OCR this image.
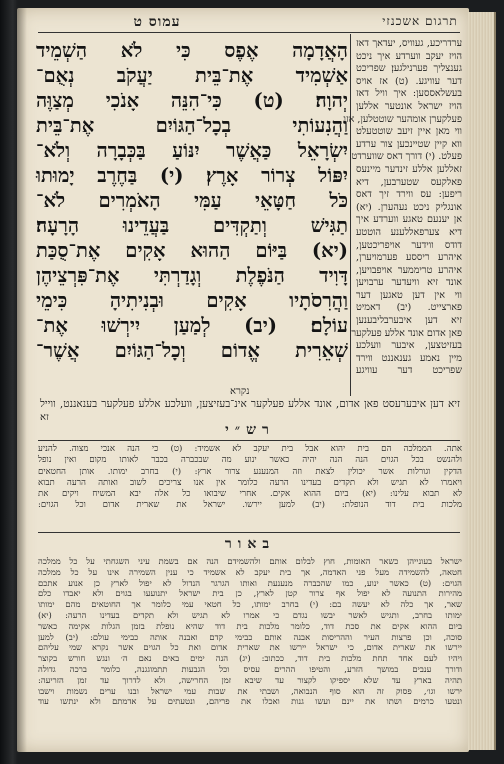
עמוס ט	תרגום אשכנזי
הָאֲדָמָה אֶפֶס כִּי לֹא הַשְׁמֵיד
אַשְׁמִיד אֶת־בֵּית יַעֲקֹב נְאֻם־
יְהוָה׃ (ט) כִּי־הִנֵּה אָנֹכִי מְצַוֶּה
וַהֲנִעוֹתִי בְכָל־הַגּוֹיִם אֶת־בֵּית
יִשְׂרָאֵל כַּאֲשֶׁר יִנּוֹעַ בַּכְּבָרָה וְלֹא־
יִפּוֹל צְרוֹר אָרֶץ׃ (י) בַּחֶרֶב יָמוּתוּ
כֹּל חַטָּאֵי עַמִּי הָאֹמְרִים לֹא־
תַגִּישׁ וְתַקְדִּים בַּעֲדֵינוּ הָרָעָה׃
(יא) בַּיּוֹם הַהוּא אָקִים אֶת־סֻכַּת
דָּוִיד הַנֹּפֶלֶת וְגָדַרְתִּי אֶת־פִּרְצֵיהֶן
וַהֲרִסֹתָיו אָקִים וּבְנִיתִיהָ כִּימֵי
עוֹלָם׃ (יב) לְמַעַן יִירְשׁוּ אֶת־
שְׁאֵרִית אֱדוֹם וְכָל־הַגּוֹיִם אֲשֶׁר־
נקרא
ערדריכע, געוויס, יעדאך דאז
הויז יעקב ווערדע איך ניכט
גענצליך פערנילגען׃ שפריכט
דער עוויגע. (ט) אז אויס
בעשלאססען: איך וויל דאז
הויז ישראל אונטער אללען
פעלקערן אומהער שוטטלען, אזו
ווי מאן איין זיעב שוטטעלט
ווא קיין שטיינכען צור ערדע
פעלט. (י) דורך דאס שווערדט
זאללען אללע זינדער מיינעס
פאלקעס שטערבען, דיא
ריפען: עס ווירד זיך דאס
אונגליק ניכט נעהערן. (יא)
אן יענעם טאגע ווערדע איך
דיא צערפאללענע הוטטע
דודס ווידער אויפריכטען,
איהרע ריססע פערמויערן,
איהרע טריממער אויפבויען,
אונד זיא וויעדער ערבויען
ווי אין דען טאגען דער
פארצייט. (יב) דאמיט
זיא דען איבערבליבענען
פאן אדום אונד אללע פעלקער
בעזיטצען, איבער וועלכע
מיין נאמע גענאננט ווירד
שפריכט דער עוויגע
זיא דען איבערעסט פאן אדום, אונד אללע פעלקער אינ־בעזיצען, וועלכע אללע פעלקער בענאננט, ווייל
זא
רש״י
אתה. הממלכה הם בית יהוא אבל בית יעקב לא אשמיד: (ט) כי הנה אנכי מצוה. להניע
ולהנשט בכל הגוים הנה הנה יהיה כאשר ינוע מה שבכברה בכבר לאותו מקום ואין נופל
הדקין וגורלות אשר יכולין לצאת וזה המנענע צרור ארץ: (י) בחרב ימותו. אותן החטאים
ויאמרו לא תגיש ולא תקדים בעדינו הרעה כלומר אין אנו צריכים לשוב ואותה הרעה תבוא
לא תבוא עלינו: (יא) ביום ההוא אקים. אחרי שיבואו כל אלה יבא המשיח ויקים את
מלכות בית דוד הנופלת: (יב) למען יירשו. ישראל את שארית אדום וכל הגוים:
באור
ישראל בעונייהן כשאר האומות, חוץ לבלום אותם ולהשמידם הנה אם בשמת עיני השגחתי על כל ממלכה
חטאה, להשמידה מעל פני האדמה, אך בית יעקב לא אשמיד כי ענין השמירה אינו על כל ממלכה
הגוים: (ט) כאשר ינוע, כמו שהכברה מנענעת ואותו הגרגר הנדול לא יפול לארץ כן אנוע אתכם
מהירות התנועה לא יפול אף צרור קטן לארץ, כן בית ישראל יתנועעו בגוים ולא יאבדו כלם
שאר, אך כלה לא יעשה בם: (י) בחרב ימותו, כל חטאי עמי כלומר אך החוטאים מהם ימותו
ימותו בחרב, ותגיש לאשר יבשו נגדם כי אמרו לא תגיש ולא תקדים בעדינו הרעה: (יא)
ביום ההוא אקים את סכת דוד, כלומר מלכות בית דוד שהיא נופלת בזמן הגלות אקימה כאשר
סוכה, וכן פרצות העיר וההריסות אבנה אותם כבימי קדם ואבנה אותה כבימי עולם: (יב) למען
יירשו את שארית אדום, כי ישראל יירשו את שארית אדום ואת כל הגוים אשר נקרא שמי עליהם
ויהיו לעם אחד תחת מלכות בית דוד, ככתוב: (יג) הנה ימים באים נאם ה׳ ונגש חורש בקוצר
ודורך ענבים במושך הזרע, והטיפו ההרים עסיס וכל הגבעות תתמוגגנה, כלומר ברכה גדולה
תהיה בארץ עד שלא יספיקו לקצור עד שיבא זמן החרישה, ולא לדרוך עד זמן הזריעה:
ירשו וגו׳, פסוק זה הוא סוף הנבואה, ושבתי את שבות עמי ישראל ובנו ערים נשמות וישבו
ונטעו כרמים ושתו את יינם ועשו גנות ואכלו את פריהם, ונטעתים על אדמתם ולא ינתשו עוד
